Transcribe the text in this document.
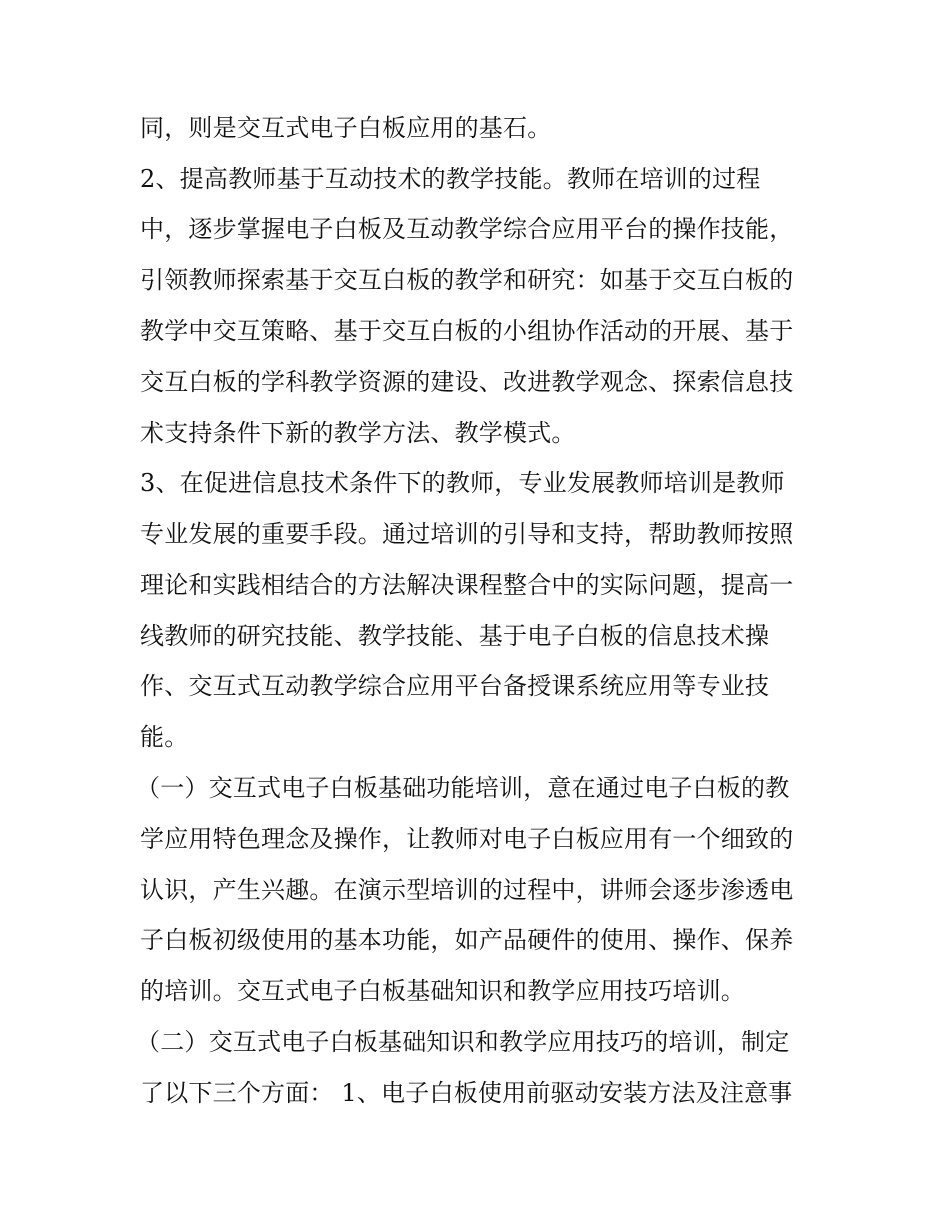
同，则是交互式电子白板应用的基石。
2、提高教师基于互动技术的教学技能。教师在培训的过程
中，逐步掌握电子白板及互动教学综合应用平台的操作技能，
引领教师探索基于交互白板的教学和研究：如基于交互白板的
教学中交互策略、基于交互白板的小组协作活动的开展、基于
交互白板的学科教学资源的建设、改进教学观念、探索信息技
术支持条件下新的教学方法、教学模式。
3、在促进信息技术条件下的教师，专业发展教师培训是教师
专业发展的重要手段。通过培训的引导和支持，帮助教师按照
理论和实践相结合的方法解决课程整合中的实际问题，提高一
线教师的研究技能、教学技能、基于电子白板的信息技术操
作、交互式互动教学综合应用平台备授课系统应用等专业技
能。
（一）交互式电子白板基础功能培训，意在通过电子白板的教
学应用特色理念及操作，让教师对电子白板应用有一个细致的
认识，产生兴趣。在演示型培训的过程中，讲师会逐步渗透电
子白板初级使用的基本功能，如产品硬件的使用、操作、保养
的培训。交互式电子白板基础知识和教学应用技巧培训。
（二）交互式电子白板基础知识和教学应用技巧的培训，制定
了以下三个方面： 1、电子白板使用前驱动安装方法及注意事
